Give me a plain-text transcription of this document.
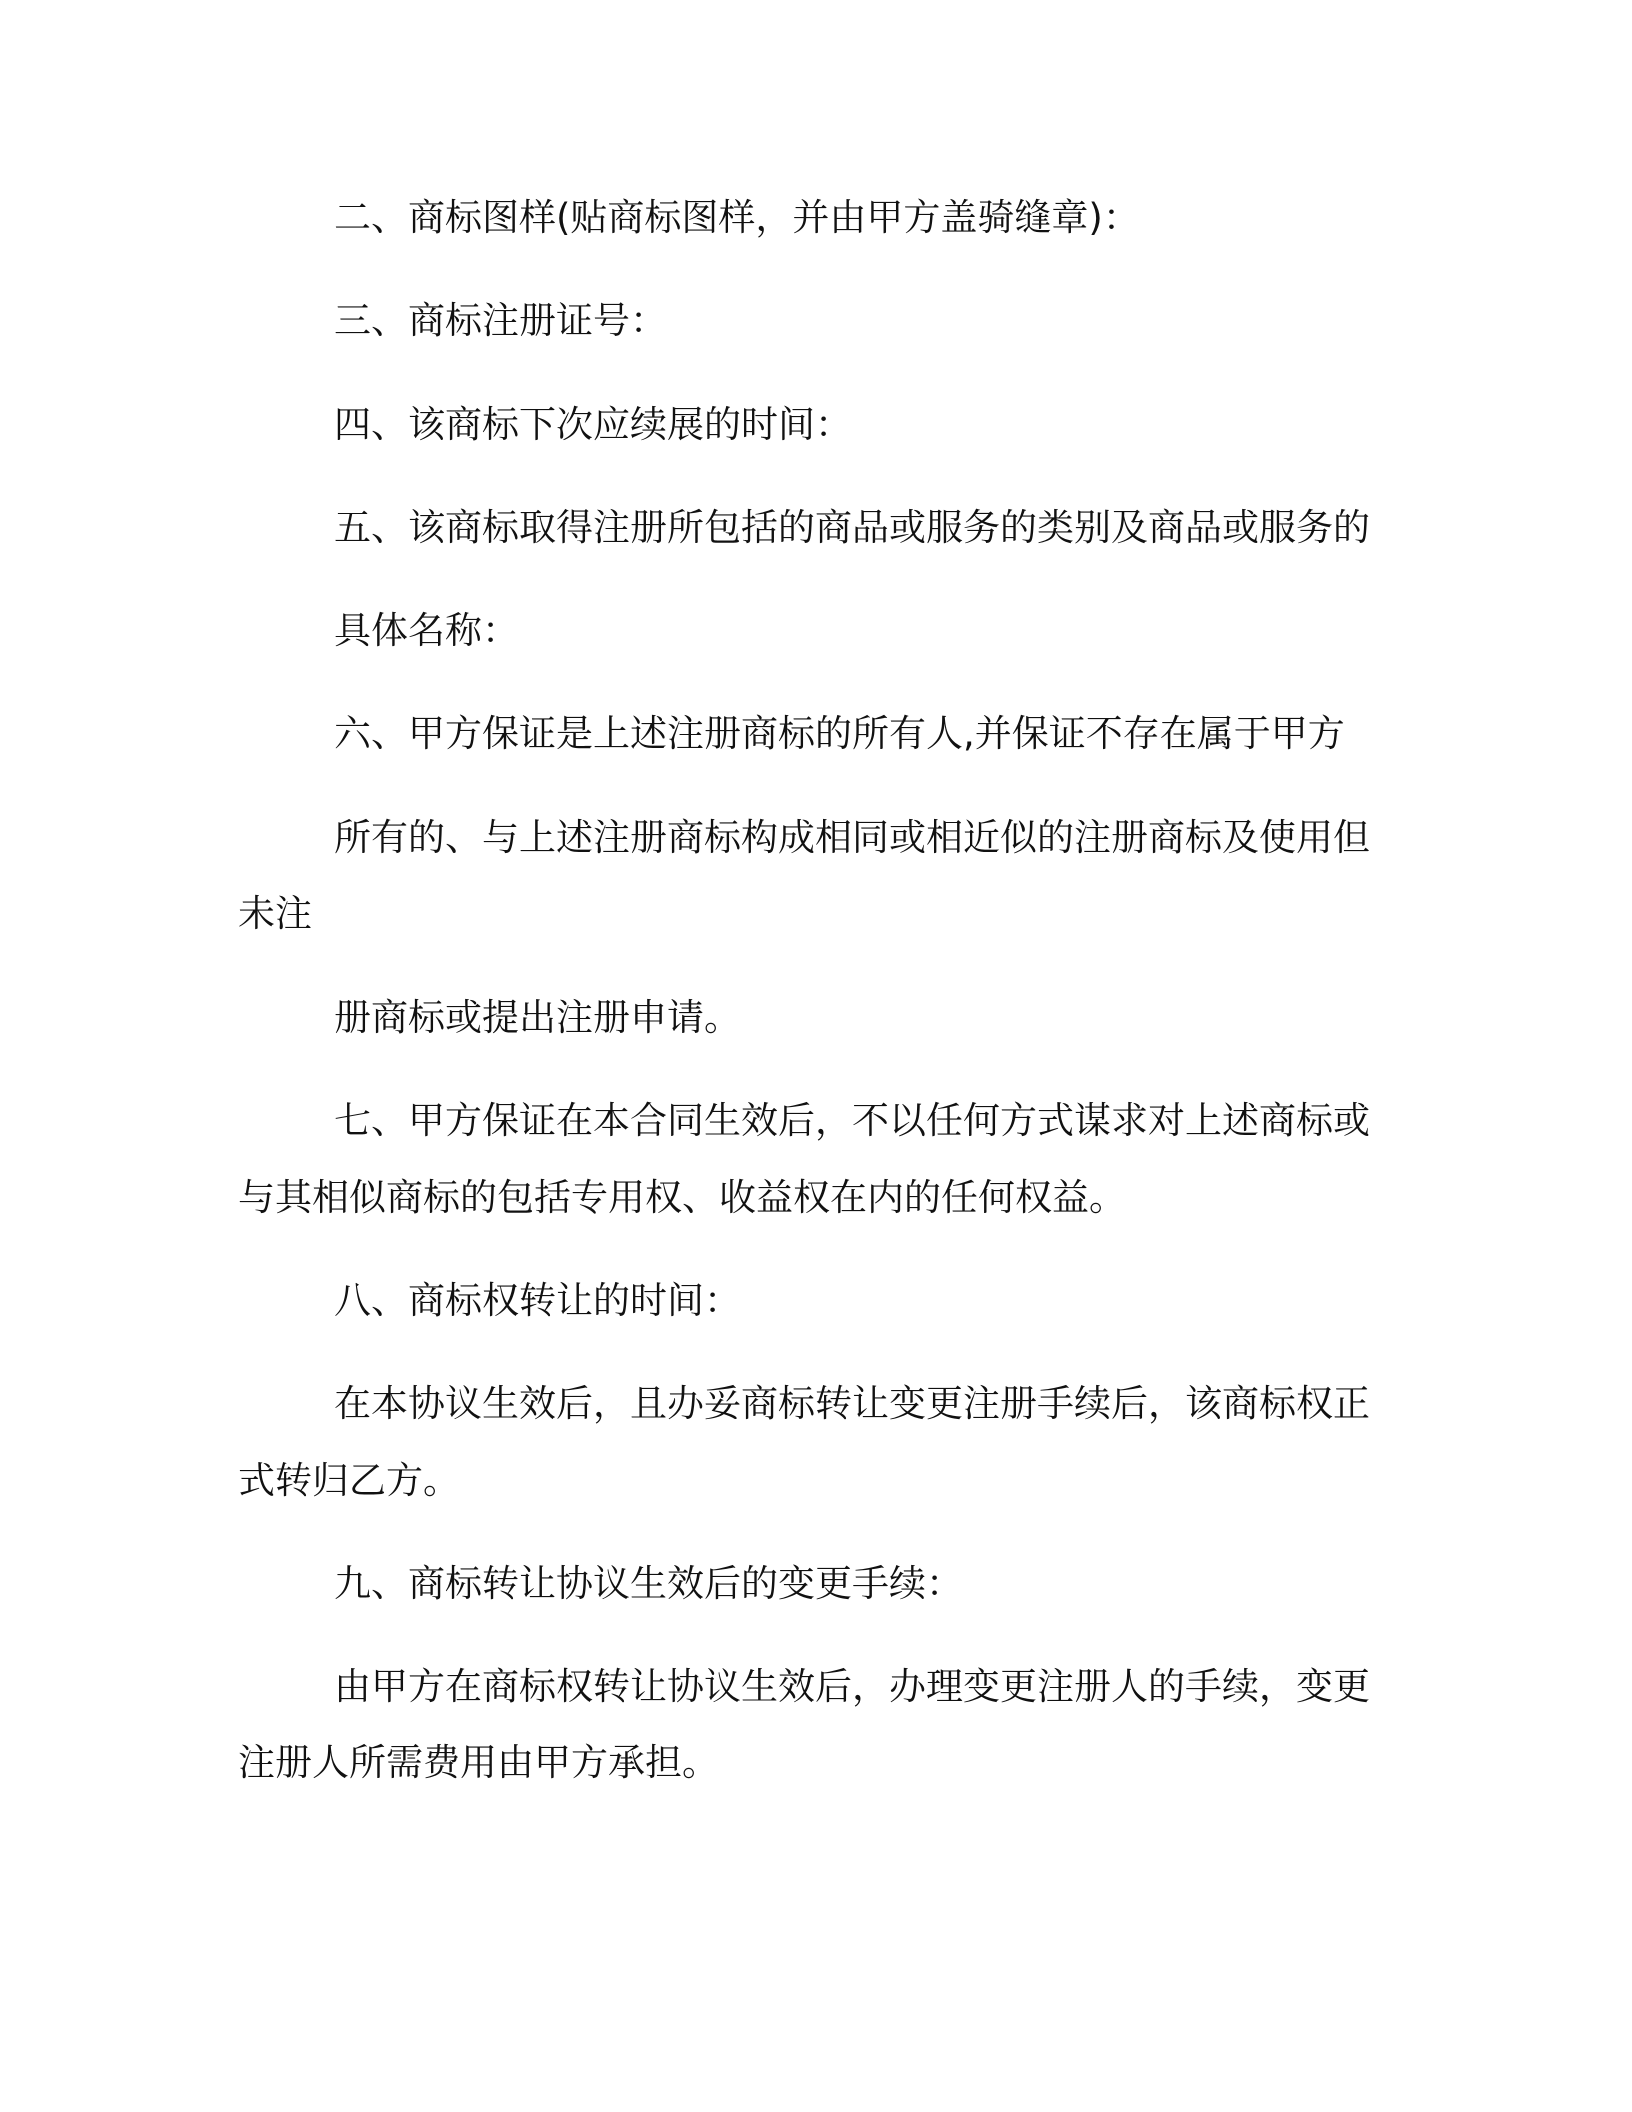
二、商标图样(贴商标图样，并由甲方盖骑缝章)：
三、商标注册证号：
四、该商标下次应续展的时间：
五、该商标取得注册所包括的商品或服务的类别及商品或服务的
具体名称：
六、甲方保证是上述注册商标的所有人,并保证不存在属于甲方
所有的、与上述注册商标构成相同或相近似的注册商标及使用但
未注
册商标或提出注册申请。
七、甲方保证在本合同生效后，不以任何方式谋求对上述商标或
与其相似商标的包括专用权、收益权在内的任何权益。
八、商标权转让的时间：
在本协议生效后，且办妥商标转让变更注册手续后，该商标权正
式转归乙方。
九、商标转让协议生效后的变更手续：
由甲方在商标权转让协议生效后，办理变更注册人的手续，变更
注册人所需费用由甲方承担。
